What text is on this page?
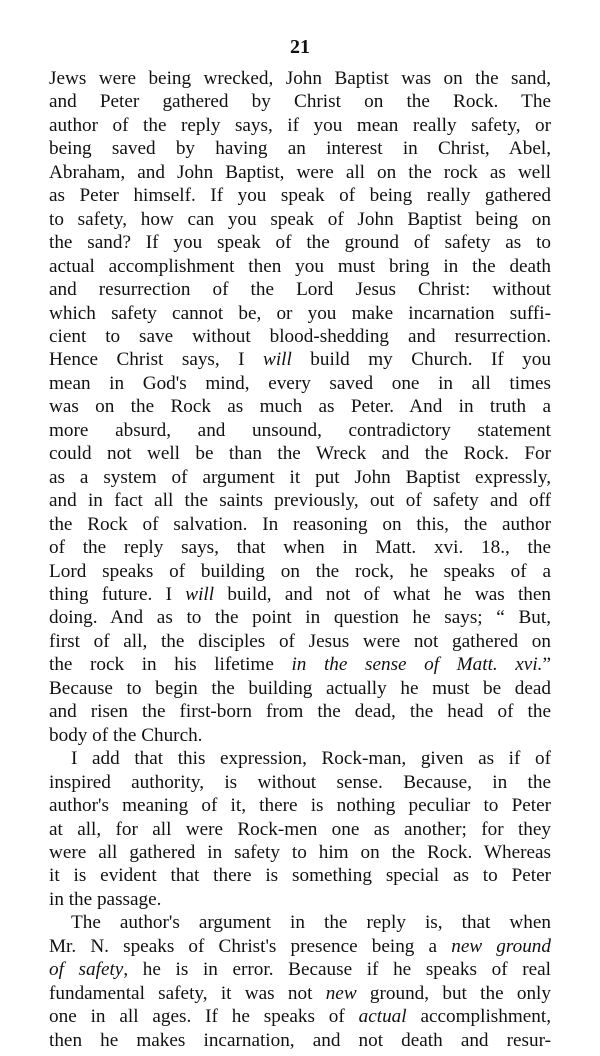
21
Jews were being wrecked, John Baptist was on the sand,
and Peter gathered by Christ on the Rock. The
author of the reply says, if you mean really safety, or
being saved by having an interest in Christ, Abel,
Abraham, and John Baptist, were all on the rock as well
as Peter himself. If you speak of being really gathered
to safety, how can you speak of John Baptist being on
the sand? If you speak of the ground of safety as to
actual accomplishment then you must bring in the death
and resurrection of the Lord Jesus Christ: without
which safety cannot be, or you make incarnation suffi-
cient to save without blood-shedding and resurrection.
Hence Christ says, I will build my Church. If you
mean in God's mind, every saved one in all times
was on the Rock as much as Peter. And in truth a
more absurd, and unsound, contradictory statement
could not well be than the Wreck and the Rock. For
as a system of argument it put John Baptist expressly,
and in fact all the saints previously, out of safety and off
the Rock of salvation. In reasoning on this, the author
of the reply says, that when in Matt. xvi. 18., the
Lord speaks of building on the rock, he speaks of a
thing future. I will build, and not of what he was then
doing. And as to the point in question he says; “ But,
first of all, the disciples of Jesus were not gathered on
the rock in his lifetime in the sense of Matt. xvi.”
Because to begin the building actually he must be dead
and risen the first-born from the dead, the head of the
body of the Church.
I add that this expression, Rock-man, given as if of
inspired authority, is without sense. Because, in the
author's meaning of it, there is nothing peculiar to Peter
at all, for all were Rock-men one as another; for they
were all gathered in safety to him on the Rock. Whereas
it is evident that there is something special as to Peter
in the passage.
The author's argument in the reply is, that when
Mr. N. speaks of Christ's presence being a new ground
of safety, he is in error. Because if he speaks of real
fundamental safety, it was not new ground, but the only
one in all ages. If he speaks of actual accomplishment,
then he makes incarnation, and not death and resur-
